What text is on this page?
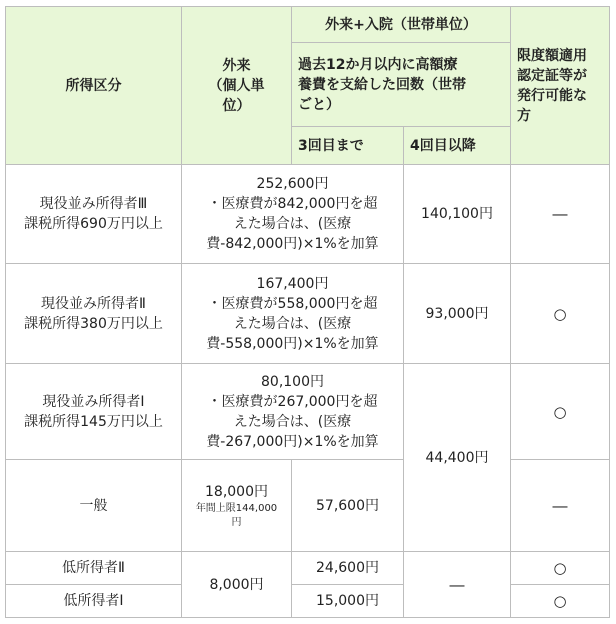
所得区分	外来
（個人単
位）	外来+入院（世帯単位）		限度額適用
認定証等が
発行可能な
方

		過去12か月以内に高額療
養費を支給した回数（世帯
ごと）		

		3回目まで	4回目以降	

現役並み所得者Ⅲ
課税所得690万円以上	252,600円
・医療費が842,000円を超
えた場合は、(医療
費-842,000円)×1%を加算		140,100円	―

現役並み所得者Ⅱ
課税所得380万円以上	167,400円
・医療費が558,000円を超
えた場合は、(医療
費-558,000円)×1%を加算		93,000円	○

現役並み所得者Ⅰ
課税所得145万円以上	80,100円
・医療費が267,000円を超
えた場合は、(医療
費-267,000円)×1%を加算		44,400円	○
一般	18,000円
年間上限144,000
円	57,600円		―
低所得者Ⅱ	8,000円	24,600円	―	○
低所得者Ⅰ		15,000円		○
